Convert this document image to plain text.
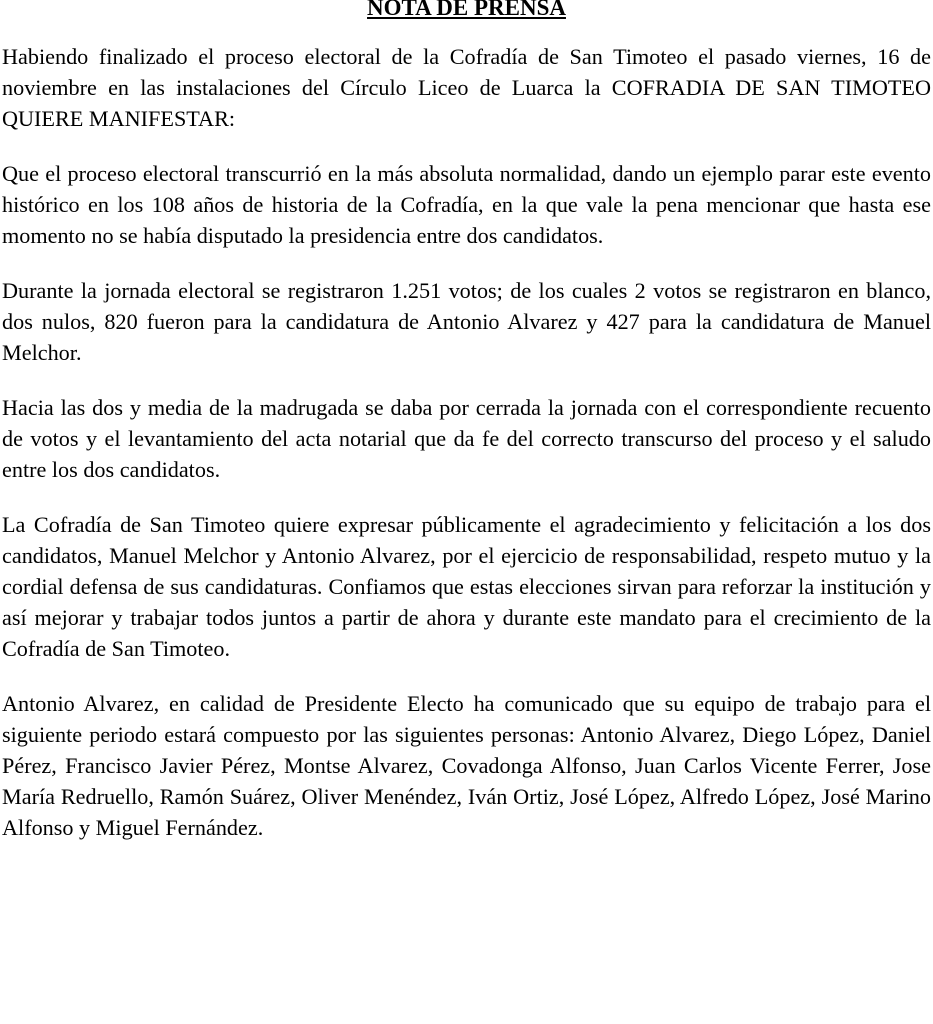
NOTA DE PRENSA

Habiendo finalizado el proceso electoral de la Cofradía de San Timoteo el pasado viernes, 16 de noviembre en las instalaciones del Círculo Liceo de Luarca la COFRADIA DE SAN TIMOTEO QUIERE MANIFESTAR:

Que el proceso electoral transcurrió en la más absoluta normalidad, dando un ejemplo parar este evento histórico en los 108 años de historia de la Cofradía, en la que vale la pena mencionar que hasta ese momento no se había disputado la presidencia entre dos candidatos.

Durante la jornada electoral se registraron 1.251 votos; de los cuales 2 votos se registraron en blanco, dos nulos, 820 fueron para la candidatura de Antonio Alvarez y 427 para la candidatura de Manuel Melchor.

Hacia las dos y media de la madrugada se daba por cerrada la jornada con el correspondiente recuento de votos y el levantamiento del acta notarial que da fe del correcto transcurso del proceso y el saludo entre los dos candidatos.

La Cofradía de San Timoteo quiere expresar públicamente el agradecimiento y felicitación a los dos candidatos, Manuel Melchor y Antonio Alvarez, por el ejercicio de responsabilidad, respeto mutuo y la cordial defensa de sus candidaturas. Confiamos que estas elecciones sirvan para reforzar la institución y así mejorar y trabajar todos juntos a partir de ahora y durante este mandato para el crecimiento de la Cofradía de San Timoteo.

Antonio Alvarez, en calidad de Presidente Electo ha comunicado que su equipo de trabajo para el siguiente periodo estará compuesto por las siguientes personas: Antonio Alvarez, Diego López, Daniel Pérez, Francisco Javier Pérez, Montse Alvarez, Covadonga Alfonso, Juan Carlos Vicente Ferrer, Jose María Redruello, Ramón Suárez, Oliver Menéndez, Iván Ortiz, José López, Alfredo López, José Marino Alfonso y Miguel Fernández.
